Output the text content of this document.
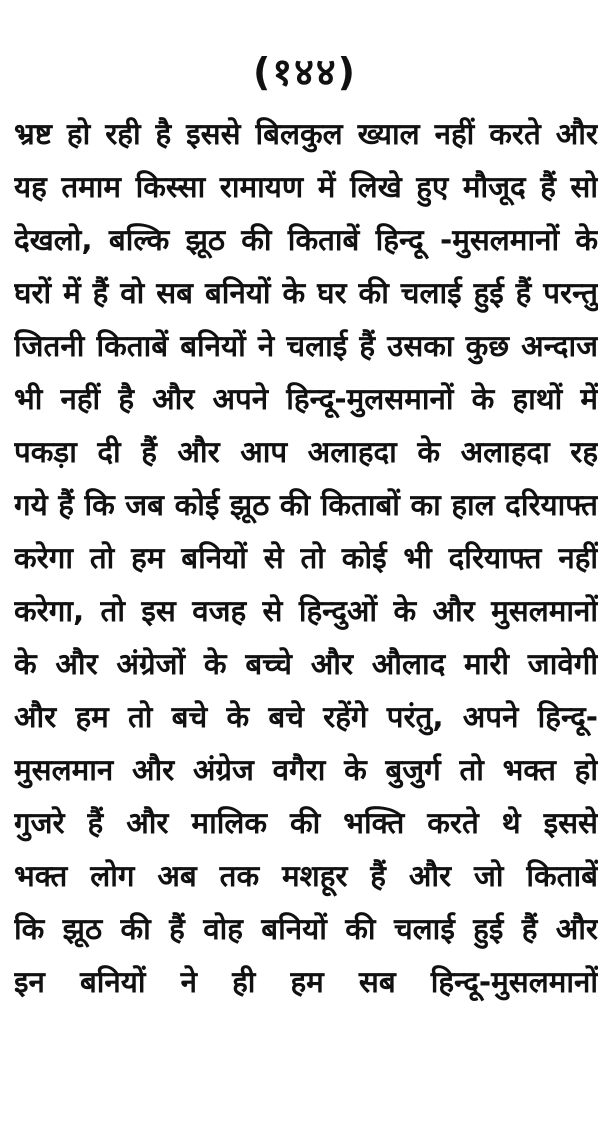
(१४४)
भ्रष्ट हो रही है इससे बिलकुल ख्याल नहीं करते और
यह तमाम किस्सा रामायण में लिखे हुए मौजूद हैं सो
देखलो, बल्कि झूठ की किताबें हिन्दू -मुसलमानों के
घरों में हैं वो सब बनियों के घर की चलाई हुई हैं परन्तु
जितनी किताबें बनियों ने चलाई हैं उसका कुछ अन्दाज
भी नहीं है और अपने हिन्दू-मुलसमानों के हाथों में
पकड़ा दी हैं और आप अलाहदा के अलाहदा रह
गये हैं कि जब कोई झूठ की किताबों का हाल दरियाफ्त
करेगा तो हम बनियों से तो कोई भी दरियाफ्त नहीं
करेगा, तो इस वजह से हिन्दुओं के और मुसलमानों
के और अंग्रेजों के बच्चे और औलाद मारी जावेगी
और हम तो बचे के बचे रहेंगे परंतु, अपने हिन्दू-
मुसलमान और अंग्रेज वगैरा के बुजुर्ग तो भक्त हो
गुजरे हैं और मालिक की भक्ति करते थे इससे
भक्त लोग अब तक मशहूर हैं और जो किताबें
कि झूठ की हैं वोह बनियों की चलाई हुई हैं और
इन बनियों ने ही हम सब हिन्दू-मुसलमानों
